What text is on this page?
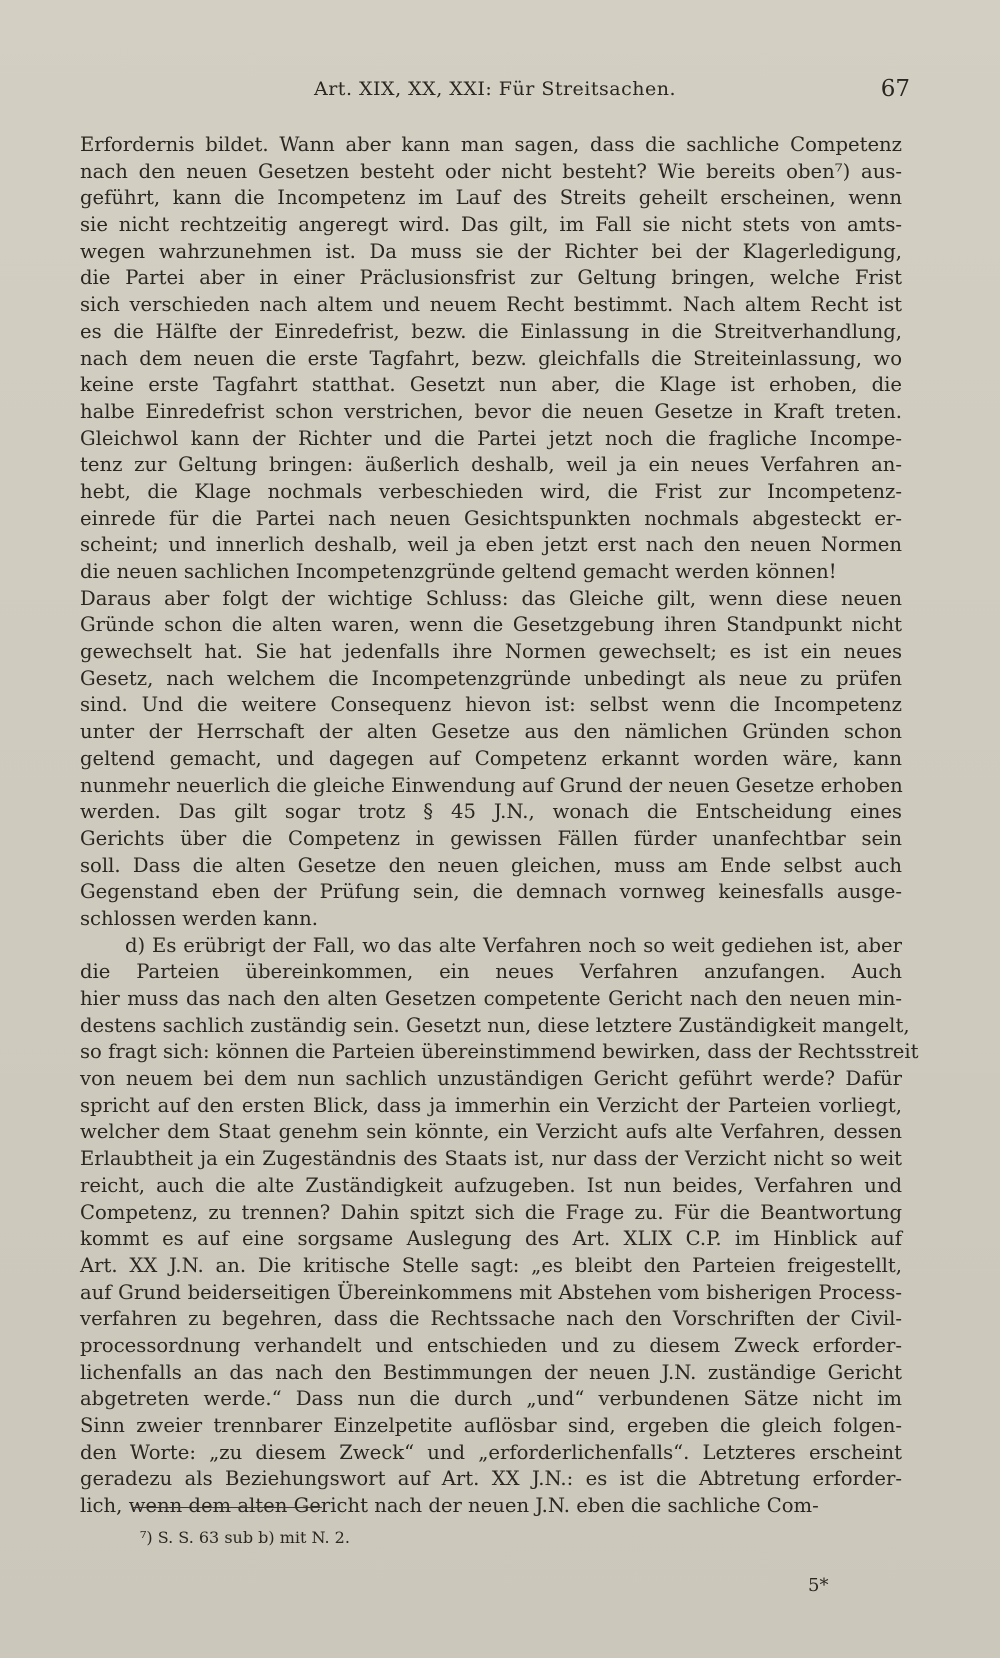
Art. XIX, XX, XXI: Für Streitsachen.	67
Erfordernis bildet. Wann aber kann man sagen, dass die sachliche Competenz
nach den neuen Gesetzen besteht oder nicht besteht? Wie bereits oben⁷) aus-
geführt, kann die Incompetenz im Lauf des Streits geheilt erscheinen, wenn
sie nicht rechtzeitig angeregt wird. Das gilt, im Fall sie nicht stets von amts-
wegen wahrzunehmen ist. Da muss sie der Richter bei der Klagerledigung,
die Partei aber in einer Präclusionsfrist zur Geltung bringen, welche Frist
sich verschieden nach altem und neuem Recht bestimmt. Nach altem Recht ist
es die Hälfte der Einredefrist, bezw. die Einlassung in die Streitverhandlung,
nach dem neuen die erste Tagfahrt, bezw. gleichfalls die Streiteinlassung, wo
keine erste Tagfahrt statthat. Gesetzt nun aber, die Klage ist erhoben, die
halbe Einredefrist schon verstrichen, bevor die neuen Gesetze in Kraft treten.
Gleichwol kann der Richter und die Partei jetzt noch die fragliche Incompe-
tenz zur Geltung bringen: äußerlich deshalb, weil ja ein neues Verfahren an-
hebt, die Klage nochmals verbeschieden wird, die Frist zur Incompetenz-
einrede für die Partei nach neuen Gesichtspunkten nochmals abgesteckt er-
scheint; und innerlich deshalb, weil ja eben jetzt erst nach den neuen Normen
die neuen sachlichen Incompetenzgründe geltend gemacht werden können!
Daraus aber folgt der wichtige Schluss: das Gleiche gilt, wenn diese neuen
Gründe schon die alten waren, wenn die Gesetzgebung ihren Standpunkt nicht
gewechselt hat. Sie hat jedenfalls ihre Normen gewechselt; es ist ein neues
Gesetz, nach welchem die Incompetenzgründe unbedingt als neue zu prüfen
sind. Und die weitere Consequenz hievon ist: selbst wenn die Incompetenz
unter der Herrschaft der alten Gesetze aus den nämlichen Gründen schon
geltend gemacht, und dagegen auf Competenz erkannt worden wäre, kann
nunmehr neuerlich die gleiche Einwendung auf Grund der neuen Gesetze erhoben
werden. Das gilt sogar trotz § 45 J.N., wonach die Entscheidung eines
Gerichts über die Competenz in gewissen Fällen fürder unanfechtbar sein
soll. Dass die alten Gesetze den neuen gleichen, muss am Ende selbst auch
Gegenstand eben der Prüfung sein, die demnach vornweg keinesfalls ausge-
schlossen werden kann.
d) Es erübrigt der Fall, wo das alte Verfahren noch so weit gediehen ist, aber
die Parteien übereinkommen, ein neues Verfahren anzufangen. Auch
hier muss das nach den alten Gesetzen competente Gericht nach den neuen min-
destens sachlich zuständig sein. Gesetzt nun, diese letztere Zuständigkeit mangelt,
so fragt sich: können die Parteien übereinstimmend bewirken, dass der Rechtsstreit
von neuem bei dem nun sachlich unzuständigen Gericht geführt werde? Dafür
spricht auf den ersten Blick, dass ja immerhin ein Verzicht der Parteien vorliegt,
welcher dem Staat genehm sein könnte, ein Verzicht aufs alte Verfahren, dessen
Erlaubtheit ja ein Zugeständnis des Staats ist, nur dass der Verzicht nicht so weit
reicht, auch die alte Zuständigkeit aufzugeben. Ist nun beides, Verfahren und
Competenz, zu trennen? Dahin spitzt sich die Frage zu. Für die Beantwortung
kommt es auf eine sorgsame Auslegung des Art. XLIX C.P. im Hinblick auf
Art. XX J.N. an. Die kritische Stelle sagt: „es bleibt den Parteien freigestellt,
auf Grund beiderseitigen Übereinkommens mit Abstehen vom bisherigen Process-
verfahren zu begehren, dass die Rechtssache nach den Vorschriften der Civil-
processordnung verhandelt und entschieden und zu diesem Zweck erforder-
lichenfalls an das nach den Bestimmungen der neuen J.N. zuständige Gericht
abgetreten werde.“ Dass nun die durch „und“ verbundenen Sätze nicht im
Sinn zweier trennbarer Einzelpetite auflösbar sind, ergeben die gleich folgen-
den Worte: „zu diesem Zweck“ und „erforderlichenfalls“. Letzteres erscheint
geradezu als Beziehungswort auf Art. XX J.N.: es ist die Abtretung erforder-
lich, wenn dem alten Gericht nach der neuen J.N. eben die sachliche Com-
⁷) S. S. 63 sub b) mit N. 2.
5*
